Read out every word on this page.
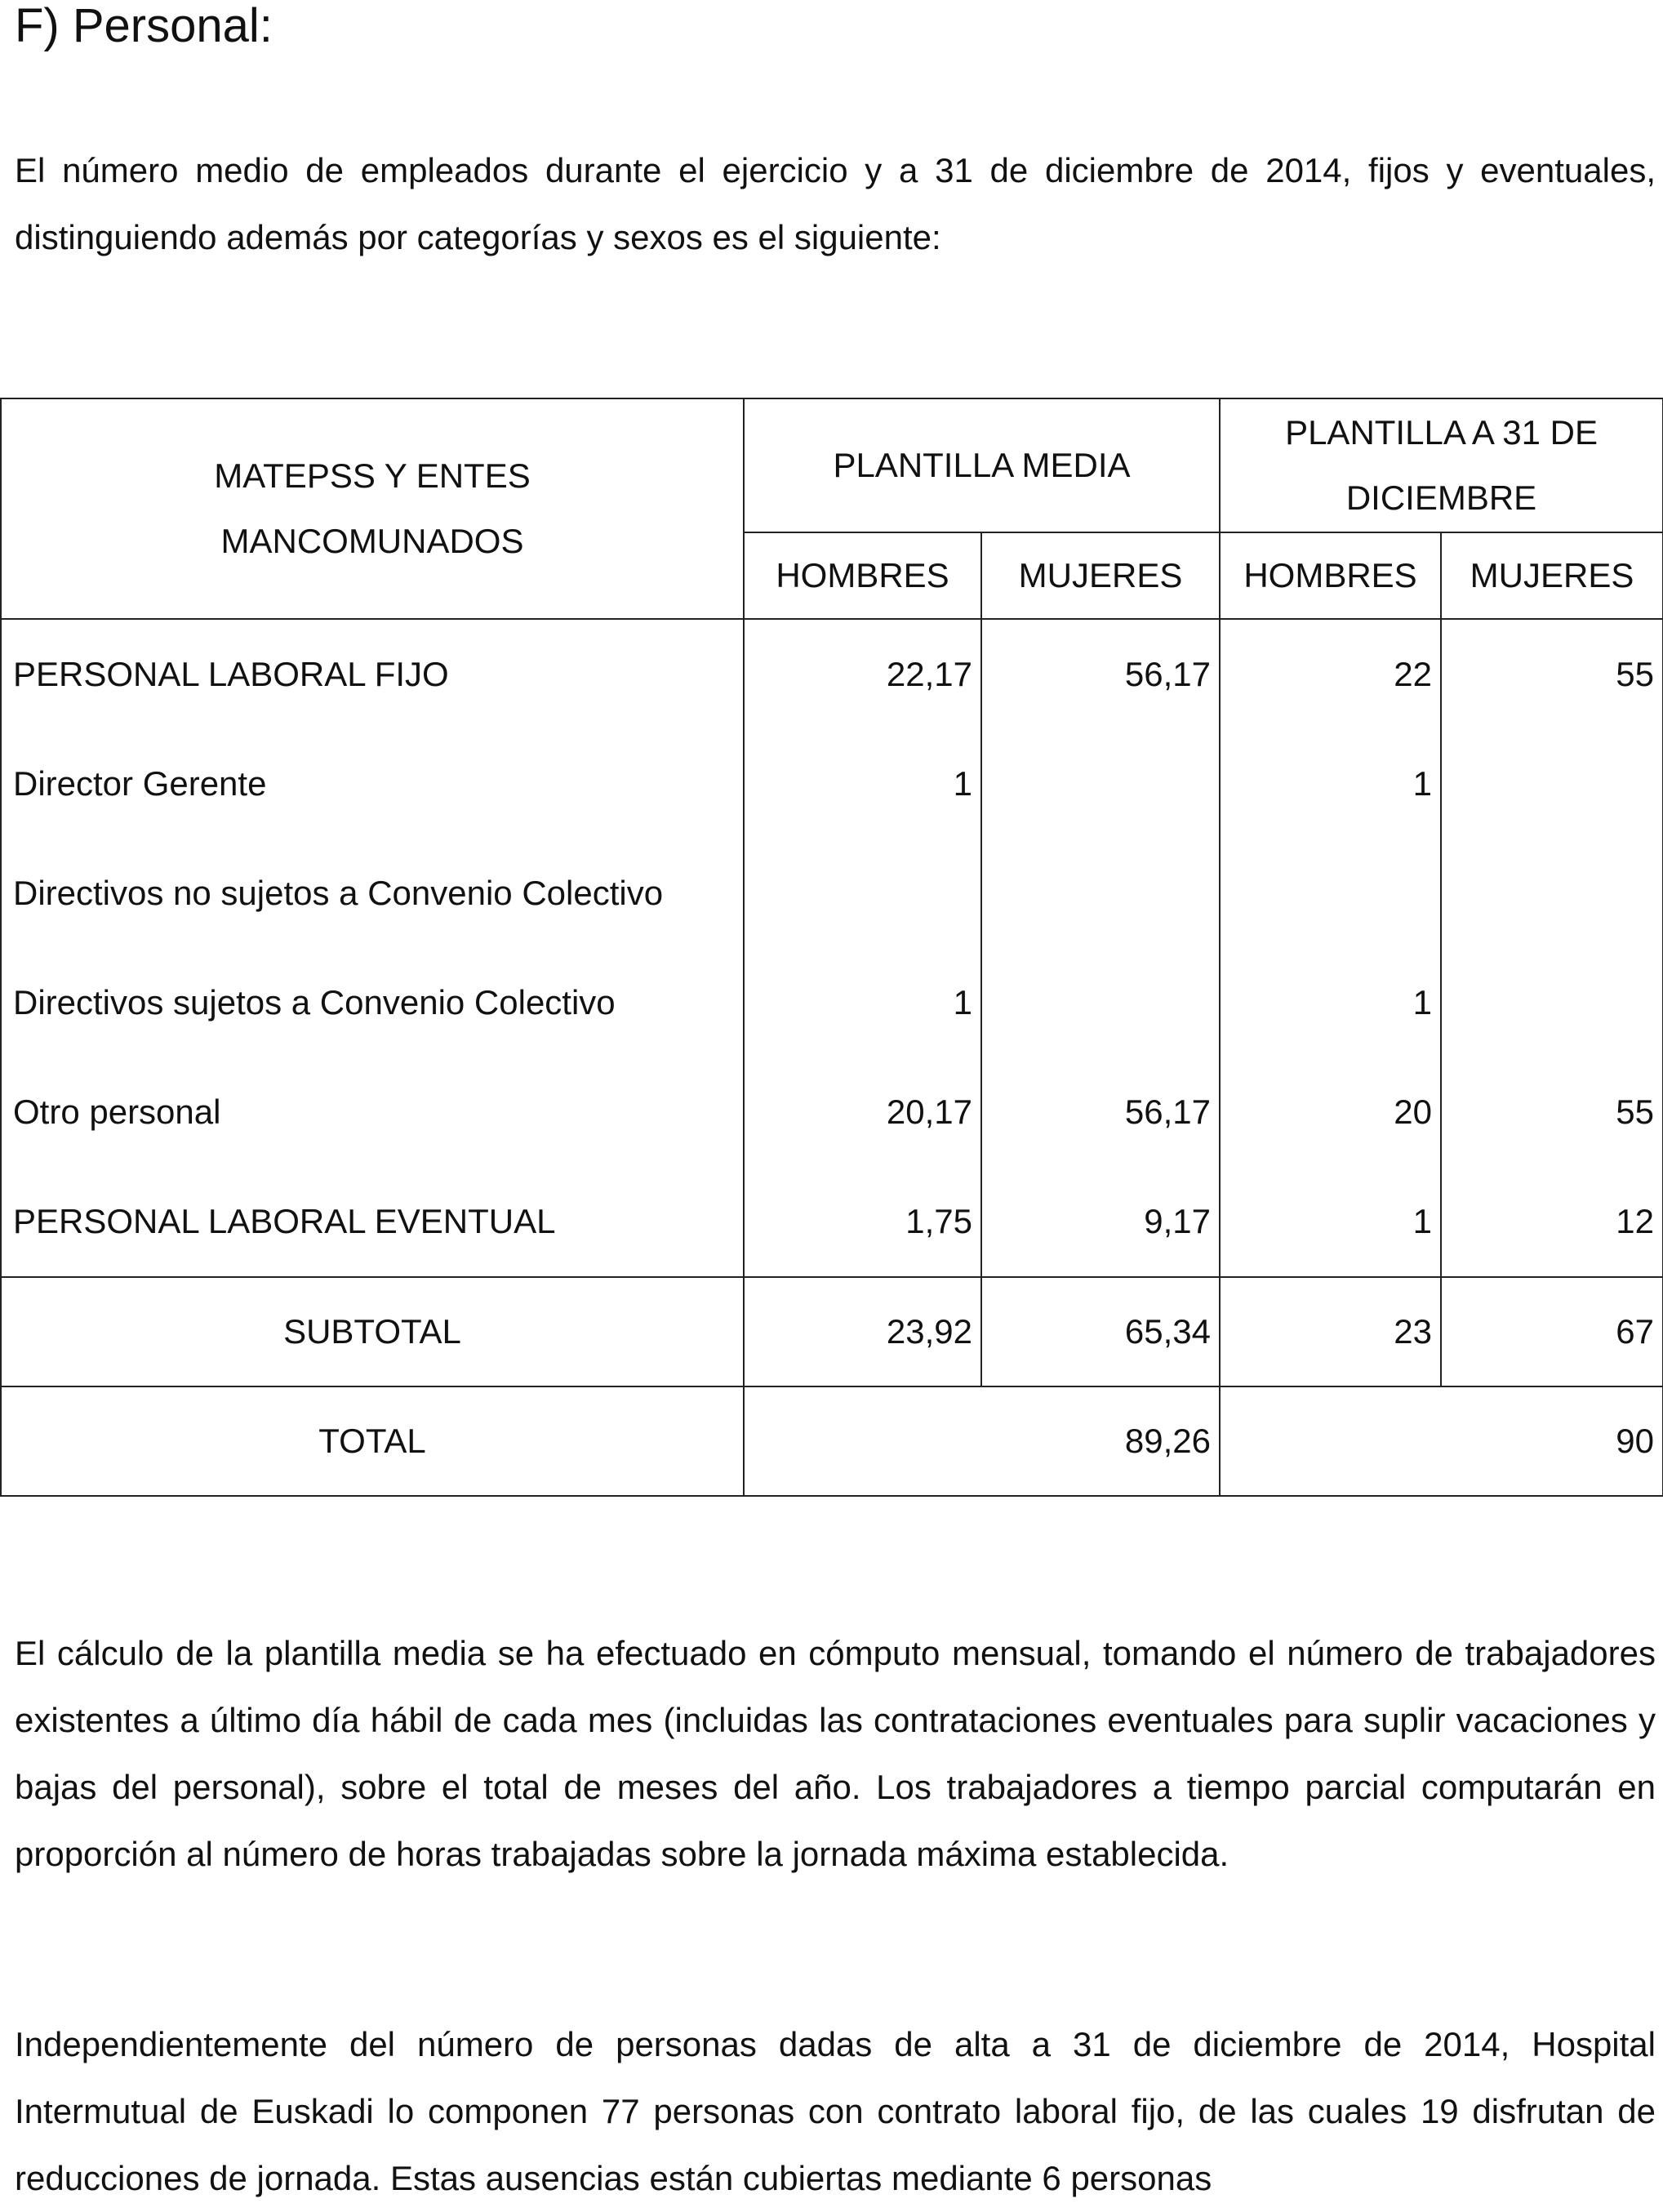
F) Personal:

El número medio de empleados durante el ejercicio y a 31 de diciembre de 2014, fijos y eventuales, distinguiendo además por categorías y sexos es el siguiente:

MATEPSS Y ENTES MANCOMUNADOS	PLANTILLA MEDIA		PLANTILLA A 31 DE DICIEMBRE	
	HOMBRES	MUJERES	HOMBRES	MUJERES
PERSONAL LABORAL FIJO	22,17	56,17	22	55
Director Gerente	1		1	
Directivos no sujetos a Convenio Colectivo				
Directivos sujetos a Convenio Colectivo	1		1	
Otro personal	20,17	56,17	20	55
PERSONAL LABORAL EVENTUAL	1,75	9,17	1	12
SUBTOTAL	23,92	65,34	23	67
TOTAL	89,26		90	

El cálculo de la plantilla media se ha efectuado en cómputo mensual, tomando el número de trabajadores existentes a último día hábil de cada mes (incluidas las contrataciones eventuales para suplir vacaciones y bajas del personal), sobre el total de meses del año. Los trabajadores a tiempo parcial computarán en proporción al número de horas trabajadas sobre la jornada máxima establecida.

Independientemente del número de personas dadas de alta a 31 de diciembre de 2014, Hospital Intermutual de Euskadi lo componen 77 personas con contrato laboral fijo, de las cuales 19 disfrutan de reducciones de jornada. Estas ausencias están cubiertas mediante 6 personas
